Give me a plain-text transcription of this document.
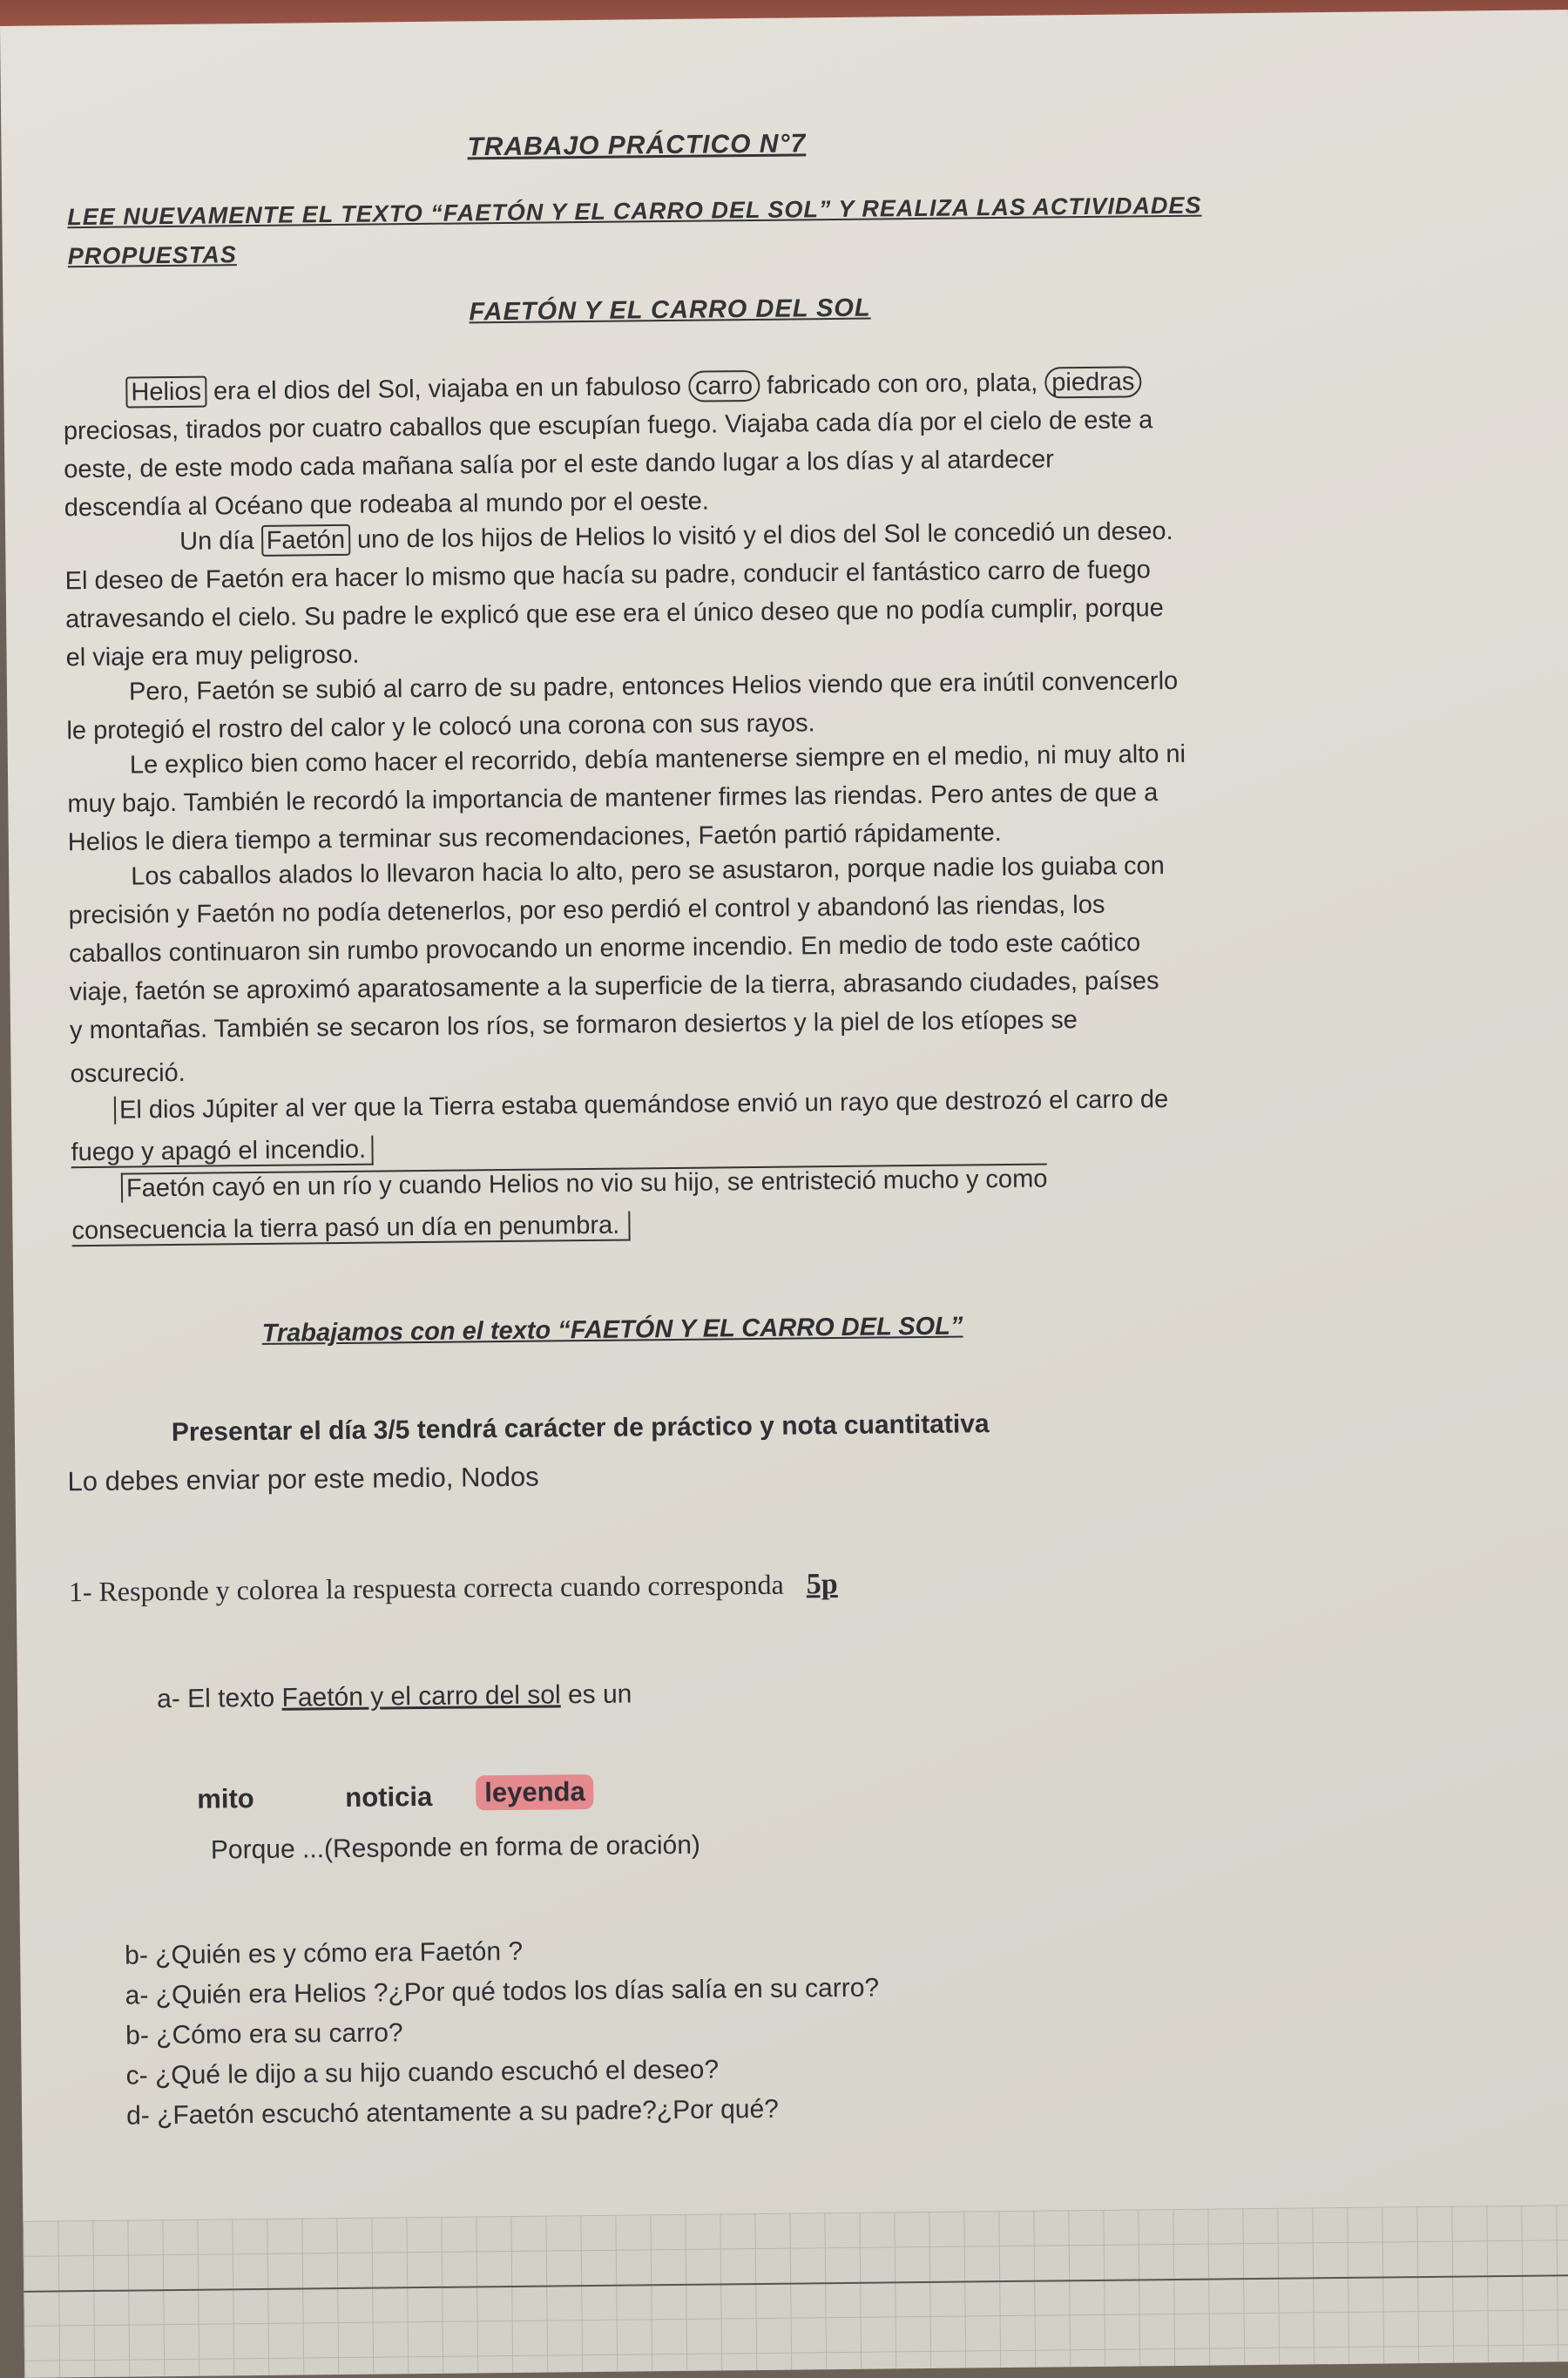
TRABAJO PRÁCTICO N°7
LEE NUEVAMENTE EL TEXTO “FAETÓN Y EL CARRO DEL SOL” Y REALIZA LAS ACTIVIDADES
PROPUESTAS
FAETÓN Y EL CARRO DEL SOL
Helios era el dios del Sol, viajaba en un fabuloso carro fabricado con oro, plata, piedras
preciosas, tirados por cuatro caballos que escupían fuego. Viajaba cada día por el cielo de este a
oeste, de este modo cada mañana salía por el este dando lugar a los días y al atardecer
descendía al Océano que rodeaba al mundo por el oeste.
Un día Faetón uno de los hijos de Helios lo visitó y el dios del Sol le concedió un deseo.
El deseo de Faetón era hacer lo mismo que hacía su padre, conducir el fantástico carro de fuego
atravesando el cielo. Su padre le explicó que ese era el único deseo que no podía cumplir, porque
el viaje era muy peligroso.
Pero, Faetón se subió al carro de su padre, entonces Helios viendo que era inútil convencerlo
le protegió el rostro del calor y le colocó una corona con sus rayos.
Le explico bien como hacer el recorrido, debía mantenerse siempre en el medio, ni muy alto ni
muy bajo. También le recordó la importancia de mantener firmes las riendas. Pero antes de que a
Helios le diera tiempo a terminar sus recomendaciones, Faetón partió rápidamente.
Los caballos alados lo llevaron hacia lo alto, pero se asustaron, porque nadie los guiaba con
precisión y Faetón no podía detenerlos, por eso perdió el control y abandonó las riendas, los
caballos continuaron sin rumbo provocando un enorme incendio. En medio de todo este caótico
viaje, faetón se aproximó aparatosamente a la superficie de la tierra, abrasando ciudades, países
y montañas. También se secaron los ríos, se formaron desiertos y la piel de los etíopes se
oscureció.
El dios Júpiter al ver que la Tierra estaba quemándose envió un rayo que destrozó el carro de
fuego y apagó el incendio.
Faetón cayó en un río y cuando Helios no vio su hijo, se entristeció mucho y como
consecuencia la tierra pasó un día en penumbra.
Trabajamos con el texto “FAETÓN Y EL CARRO DEL SOL”
Presentar el día 3/5 tendrá carácter de práctico y nota cuantitativa
Lo debes enviar por este medio, Nodos
1- Responde y colorea la respuesta correcta cuando corresponda 5p
a- El texto Faetón y el carro del sol es un
mito	noticia	leyenda
Porque ...(Responde en forma de oración)
b- ¿Quién es y cómo era Faetón ?
a- ¿Quién era Helios ?¿Por qué todos los días salía en su carro?
b- ¿Cómo era su carro?
c- ¿Qué le dijo a su hijo cuando escuchó el deseo?
d- ¿Faetón escuchó atentamente a su padre?¿Por qué?
